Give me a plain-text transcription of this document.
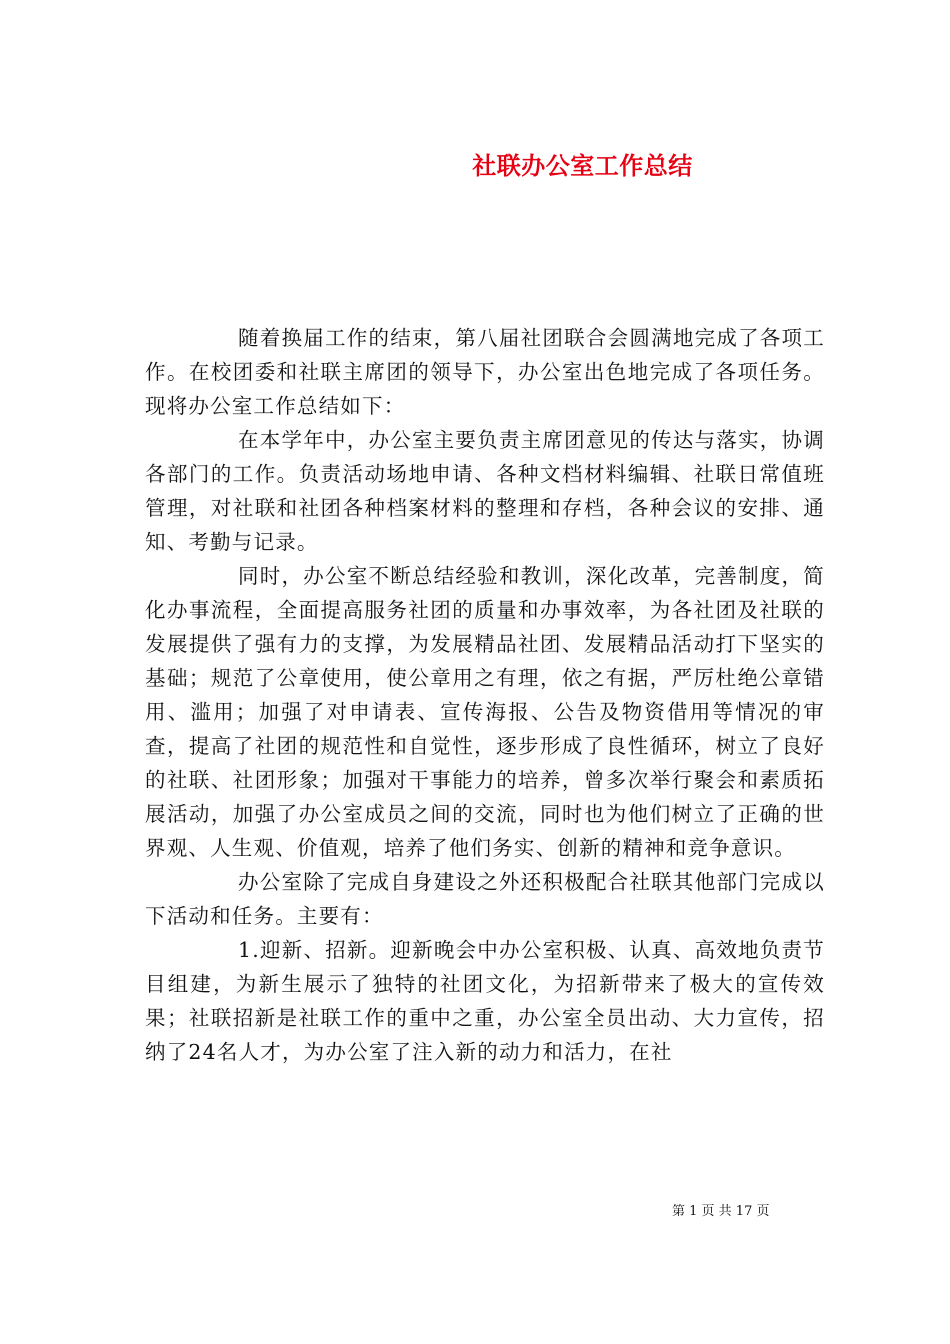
社联办公室工作总结

随着换届工作的结束，第八届社团联合会圆满地完成了各项工作。在校团委和社联主席团的领导下，办公室出色地完成了各项任务。现将办公室工作总结如下：

在本学年中，办公室主要负责主席团意见的传达与落实，协调各部门的工作。负责活动场地申请、各种文档材料编辑、社联日常值班管理，对社联和社团各种档案材料的整理和存档，各种会议的安排、通知、考勤与记录。

同时，办公室不断总结经验和教训，深化改革，完善制度，简化办事流程，全面提高服务社团的质量和办事效率，为各社团及社联的发展提供了强有力的支撑，为发展精品社团、发展精品活动打下坚实的基础；规范了公章使用，使公章用之有理，依之有据，严厉杜绝公章错用、滥用；加强了对申请表、宣传海报、公告及物资借用等情况的审查，提高了社团的规范性和自觉性，逐步形成了良性循环，树立了良好的社联、社团形象；加强对干事能力的培养，曾多次举行聚会和素质拓展活动，加强了办公室成员之间的交流，同时也为他们树立了正确的世界观、人生观、价值观，培养了他们务实、创新的精神和竞争意识。

办公室除了完成自身建设之外还积极配合社联其他部门完成以下活动和任务。主要有：

1.迎新、招新。迎新晚会中办公室积极、认真、高效地负责节目组建，为新生展示了独特的社团文化，为招新带来了极大的宣传效果；社联招新是社联工作的重中之重，办公室全员出动、大力宣传，招纳了24名人才，为办公室了注入新的动力和活力，在社

第 1 页 共 17 页
